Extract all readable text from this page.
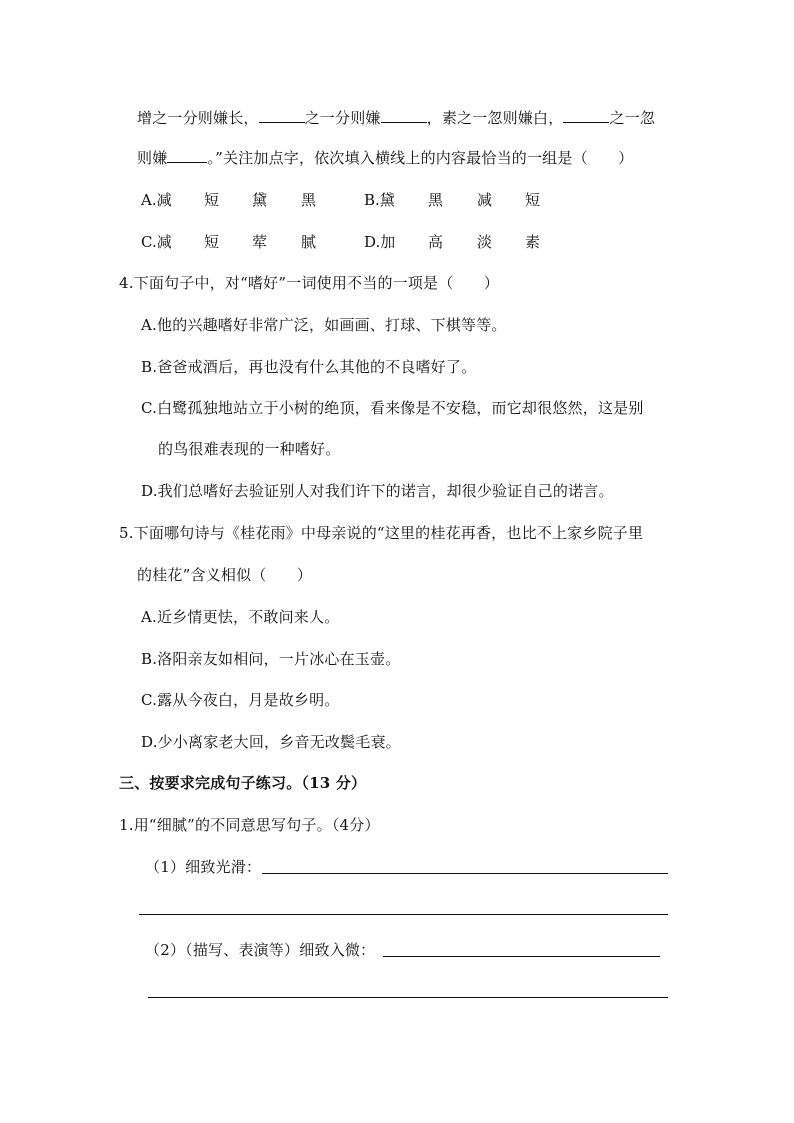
增之一分则嫌长，	之一分则嫌	，素之一忽则嫌白，	之一忽
则嫌	。”关注加点字，依次填入横线上的内容最恰当的一组是（　　）
A.减 短 黛 黑	B.黛 黑 减 短
C.减 短 荤 腻	D.加 高 淡 素
4.下面句子中，对“嗜好”一词使用不当的一项是（　　）
A.他的兴趣嗜好非常广泛，如画画、打球、下棋等等。
B.爸爸戒酒后，再也没有什么其他的不良嗜好了。
C.白鹭孤独地站立于小树的绝顶，看来像是不安稳，而它却很悠然，这是别
的鸟很难表现的一种嗜好。
D.我们总嗜好去验证别人对我们许下的诺言，却很少验证自己的诺言。
5.下面哪句诗与《桂花雨》中母亲说的“这里的桂花再香，也比不上家乡院子里
的桂花”含义相似（　　）
A.近乡情更怯，不敢问来人。
B.洛阳亲友如相问，一片冰心在玉壶。
C.露从今夜白，月是故乡明。
D.少小离家老大回，乡音无改鬓毛衰。
三、按要求完成句子练习。（13 分）
1.用“细腻”的不同意思写句子。（4分）
（1）细致光滑：
（2）（描写、表演等）细致入微：
